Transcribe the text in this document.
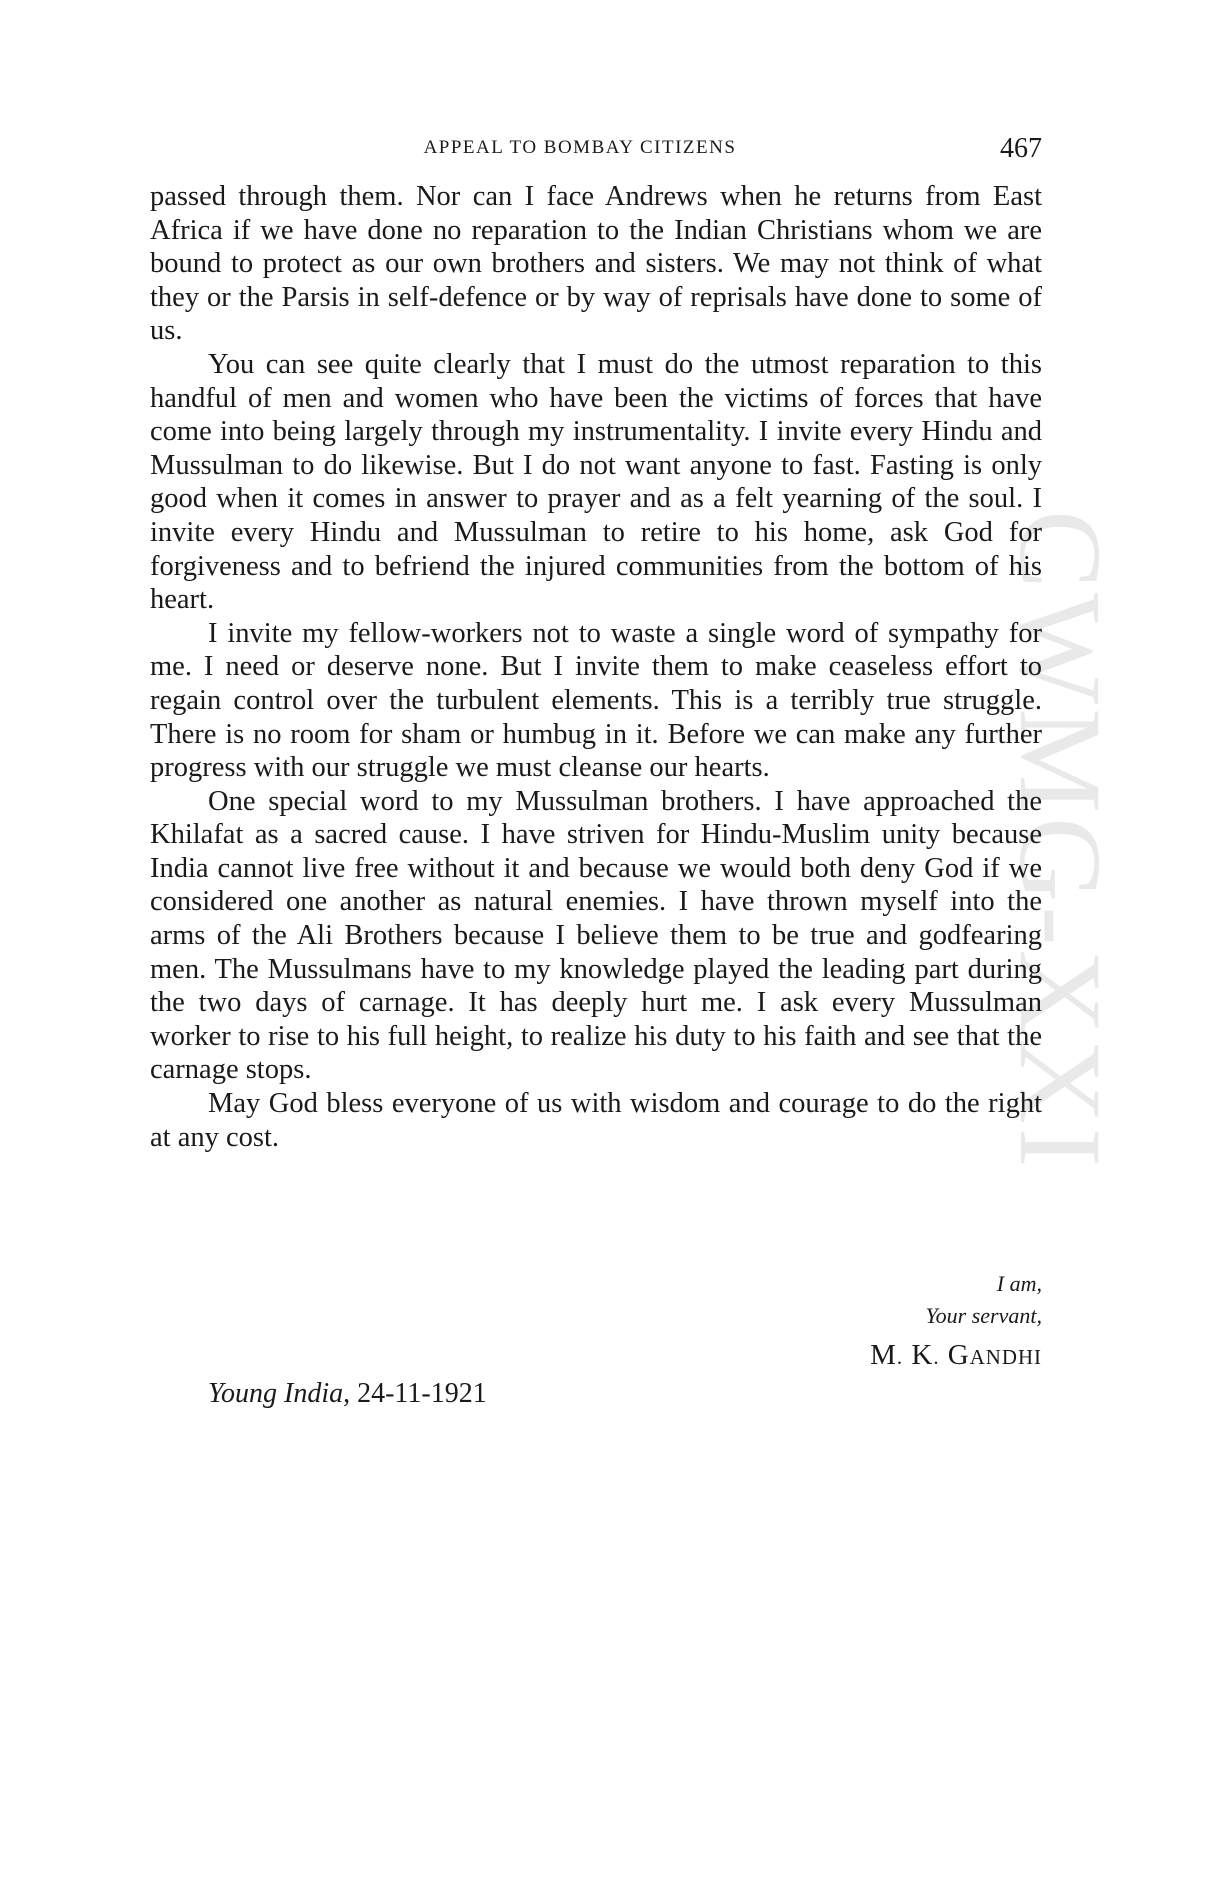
CWMG-XXI
APPEAL TO BOMBAY CITIZENS	467

passed through them. Nor can I face Andrews when he returns from East Africa if we have done no reparation to the Indian Christians whom we are bound to protect as our own brothers and sisters. We may not think of what they or the Parsis in self-defence or by way of reprisals have done to some of us.

You can see quite clearly that I must do the utmost reparation to this handful of men and women who have been the victims of forces that have come into being largely through my instrumentality. I invite every Hindu and Mussulman to do likewise. But I do not want anyone to fast. Fasting is only good when it comes in answer to prayer and as a felt yearning of the soul. I invite every Hindu and Mussulman to retire to his home, ask God for forgiveness and to befriend the injured communities from the bottom of his heart.

I invite my fellow-workers not to waste a single word of sympathy for me. I need or deserve none. But I invite them to make ceaseless effort to regain control over the turbulent elements. This is a terribly true struggle. There is no room for sham or humbug in it. Before we can make any further progress with our struggle we must cleanse our hearts.

One special word to my Mussulman brothers. I have approached the Khilafat as a sacred cause. I have striven for Hindu-Muslim unity because India cannot live free without it and because we would both deny God if we considered one another as natural enemies. I have thrown myself into the arms of the Ali Brothers because I believe them to be true and godfearing men. The Mussulmans have to my knowledge played the leading part during the two days of carnage. It has deeply hurt me. I ask every Mussulman worker to rise to his full height, to realize his duty to his faith and see that the carnage stops.

May God bless everyone of us with wisdom and courage to do the right at any cost.

I am,
Your servant,
M. K. GANDHI
Young India, 24-11-1921
